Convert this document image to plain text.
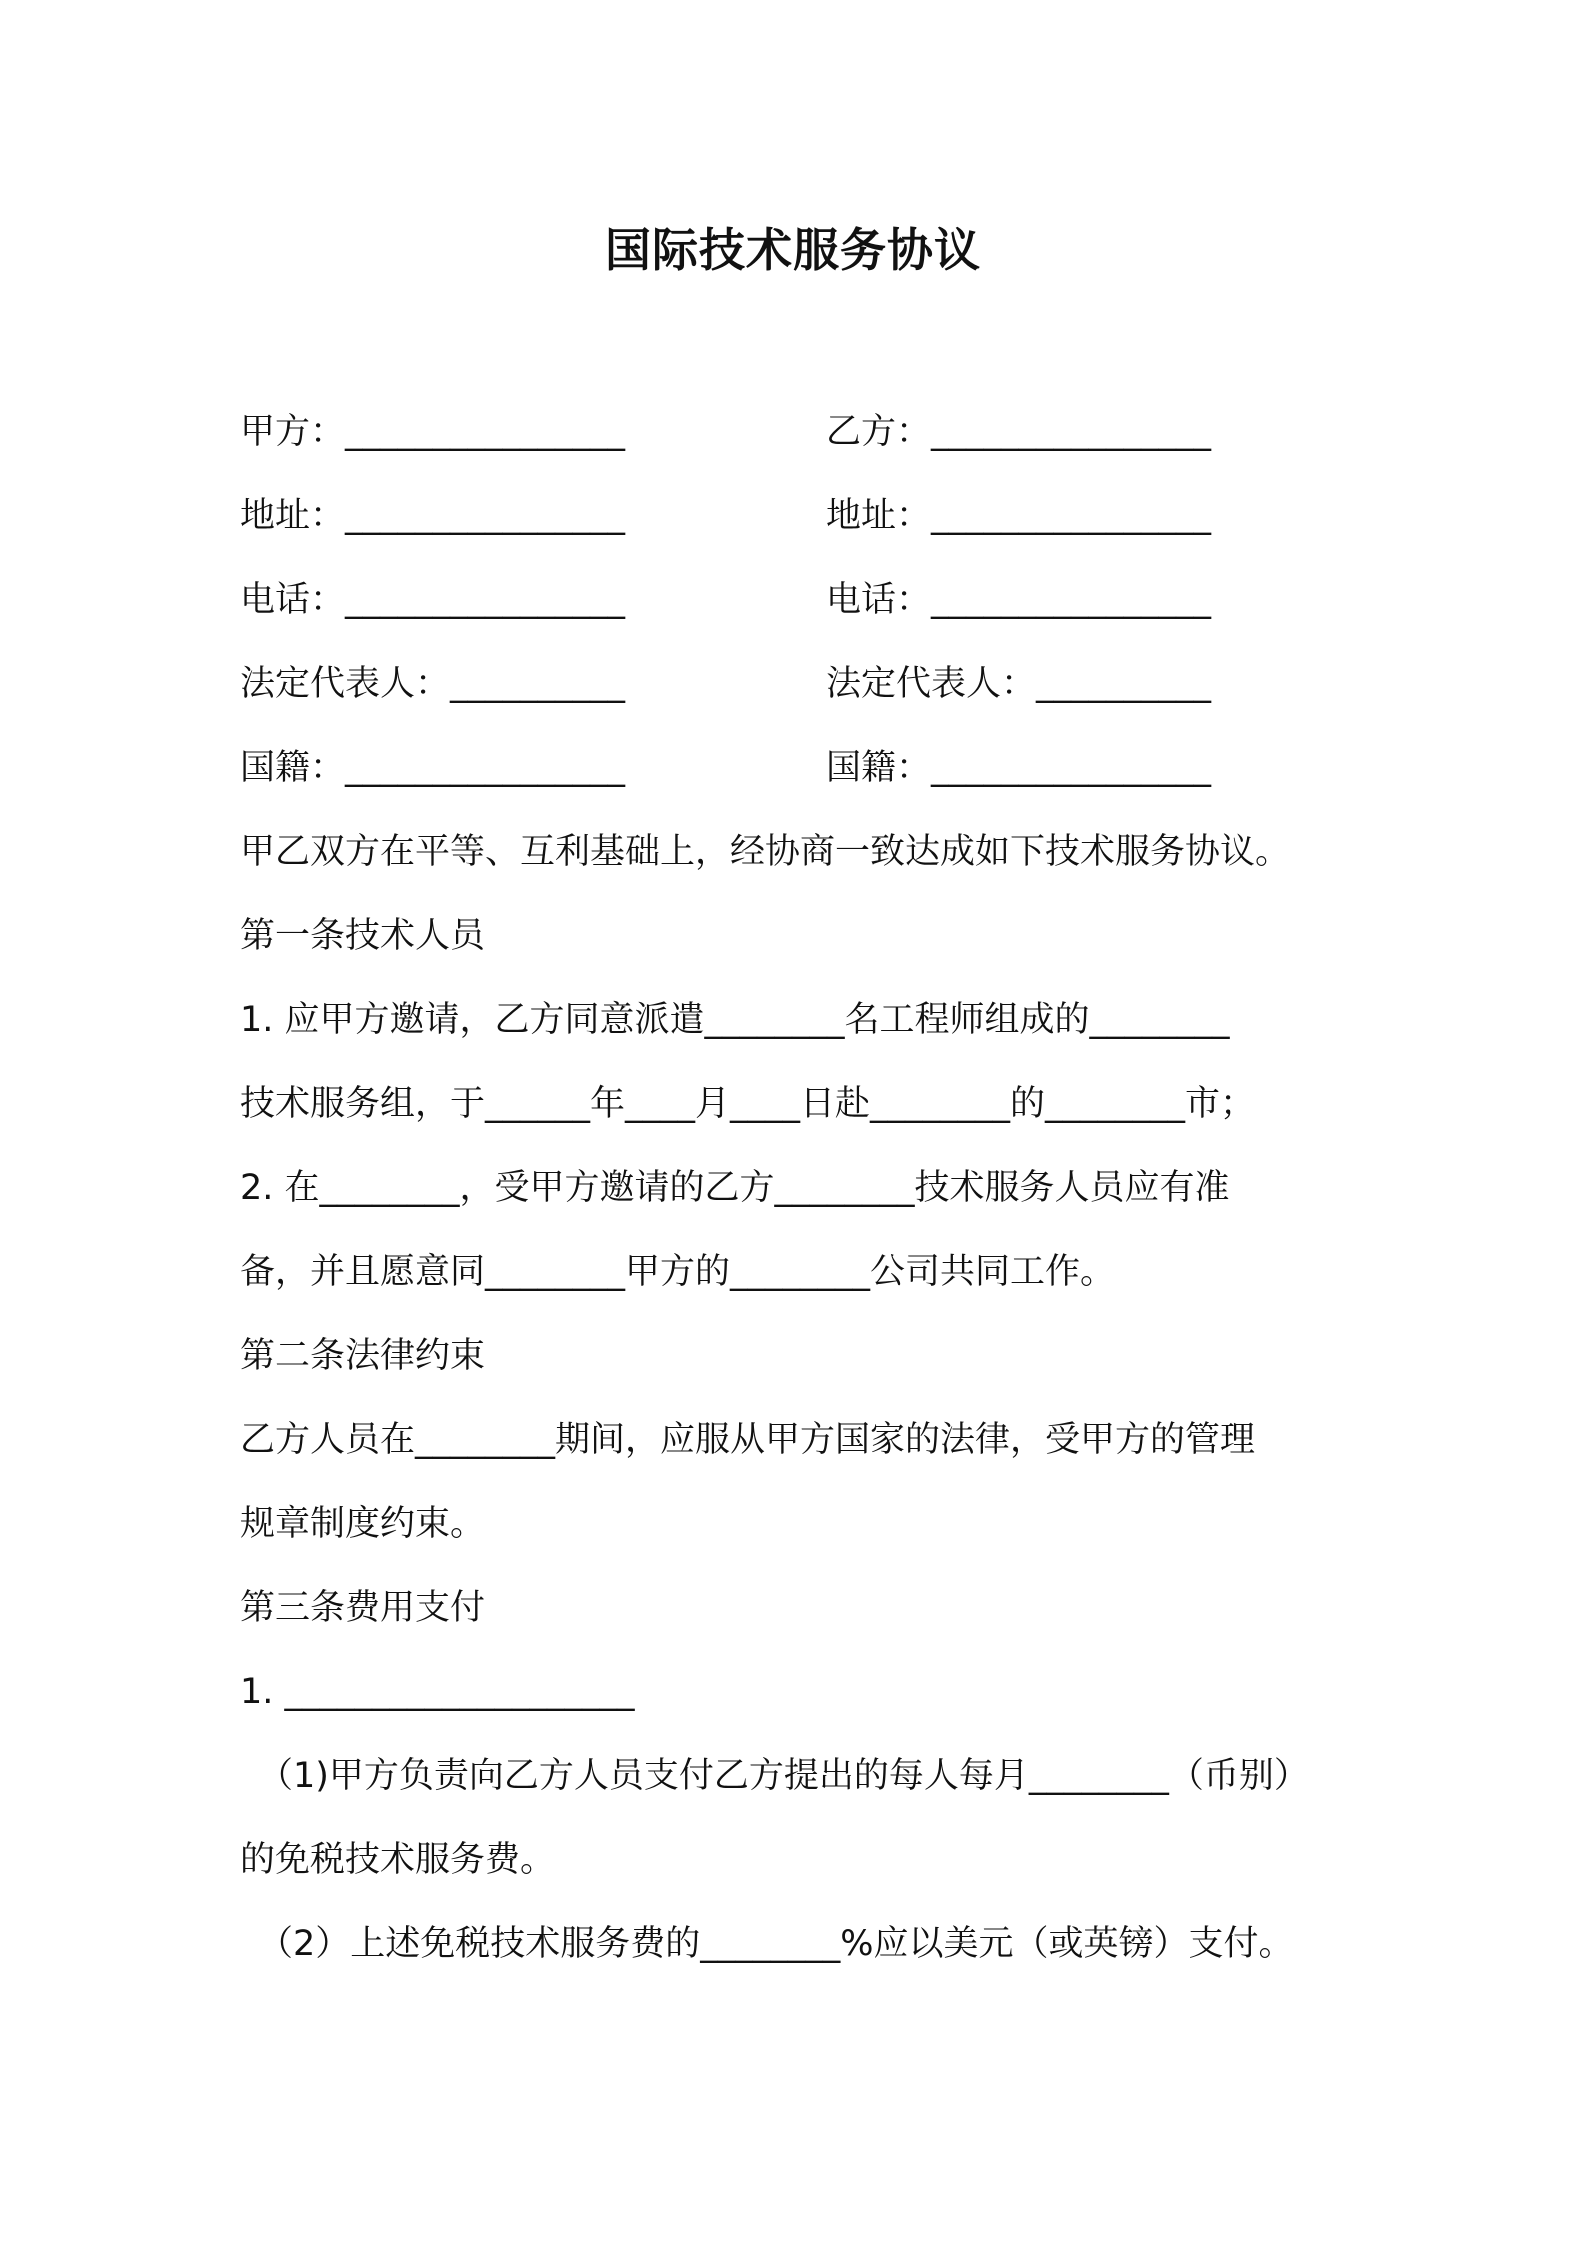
国际技术服务协议
甲方：________________	乙方：________________
地址：________________	地址：________________
电话：________________	电话：________________
法定代表人：__________	法定代表人：__________
国籍：________________	国籍：________________
甲乙双方在平等、互利基础上，经协商一致达成如下技术服务协议。
第一条技术人员
1. 应甲方邀请，乙方同意派遣________名工程师组成的________
技术服务组，于______年____月____日赴________的________市；
2. 在________，受甲方邀请的乙方________技术服务人员应有准
备，并且愿意同________甲方的________公司共同工作。
第二条法律约束
乙方人员在________期间，应服从甲方国家的法律，受甲方的管理
规章制度约束。
第三条费用支付
1. ____________________
（1)甲方负责向乙方人员支付乙方提出的每人每月________（币别）
的免税技术服务费。
（2）上述免税技术服务费的________%应以美元（或英镑）支付。
